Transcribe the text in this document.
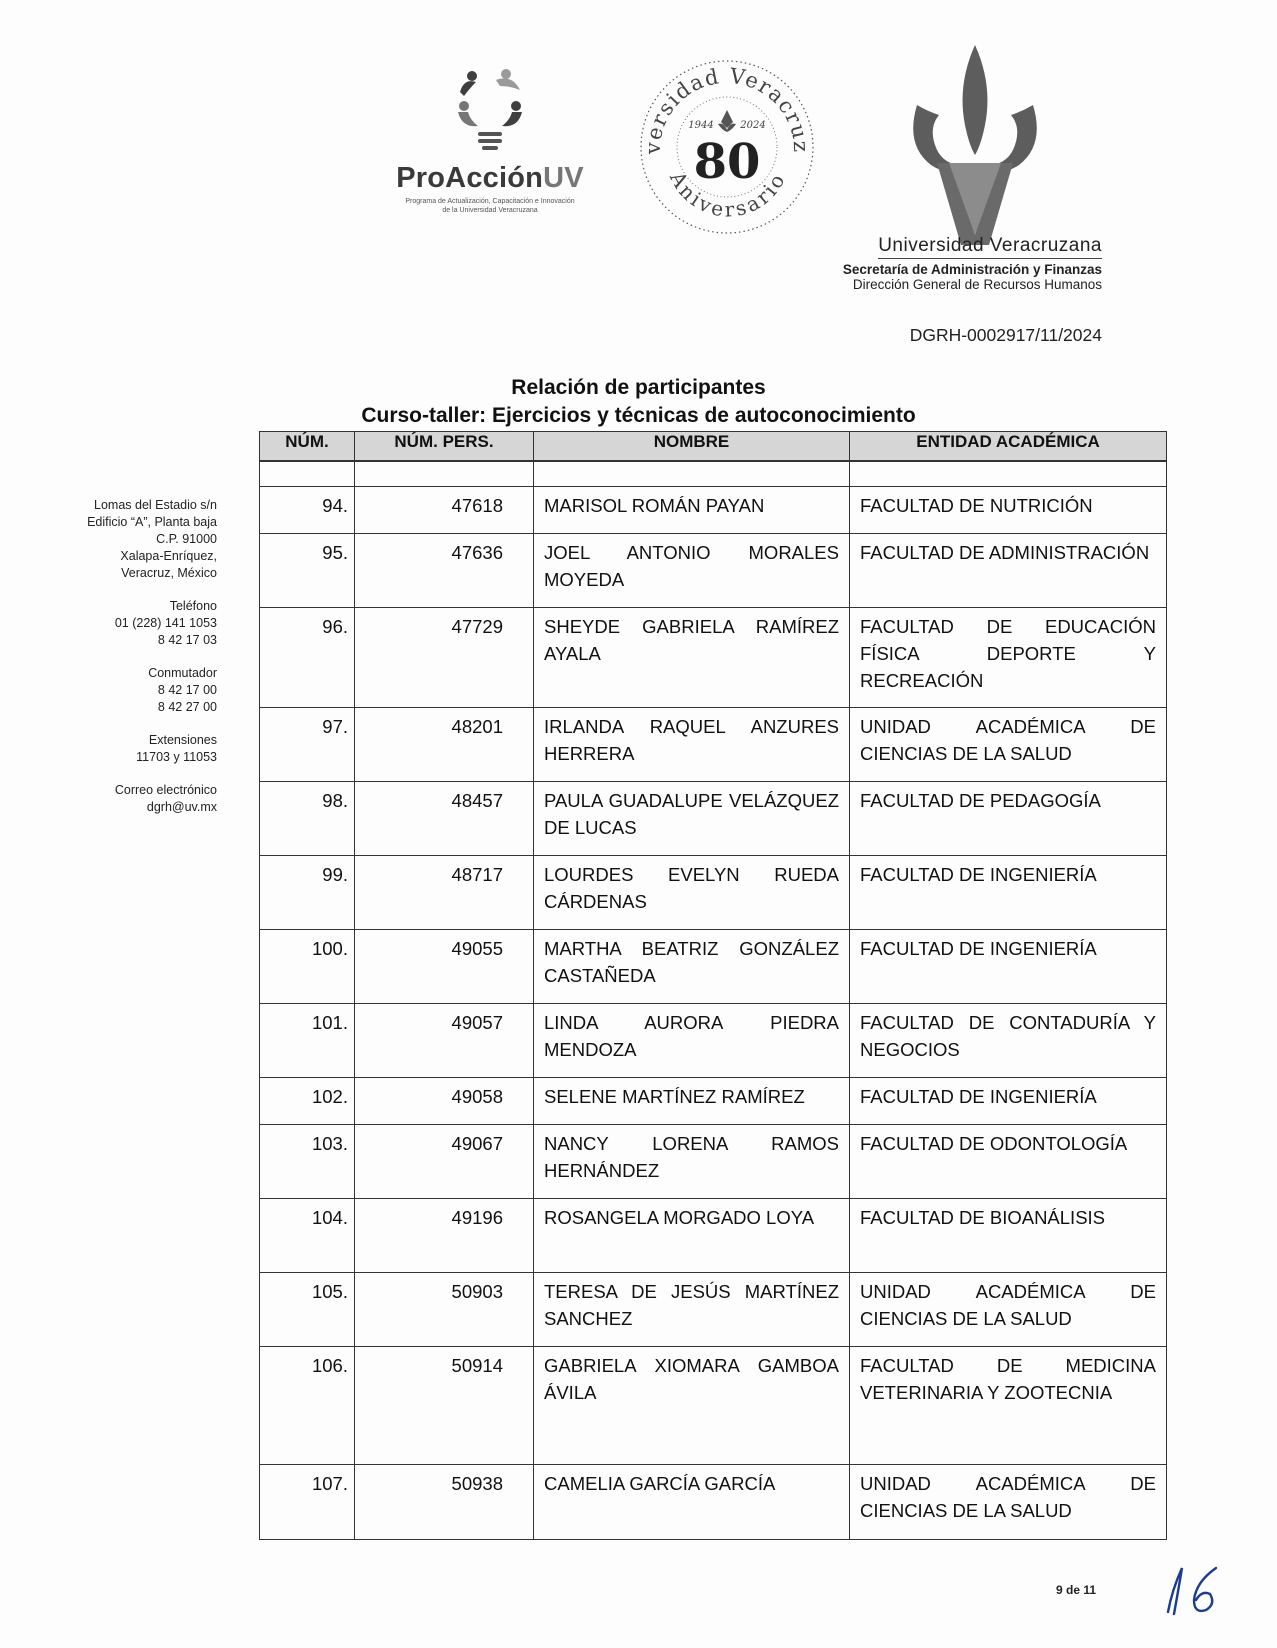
ProAcciónUV
Programa de Actualización, Capacitación e Innovación
de la Universidad Veracruzana
versidad Veracruz
Aniversario
1944	2024
80
Universidad Veracruzana
Secretaría de Administración y Finanzas
Dirección General de Recursos Humanos
DGRH-0002917/11/2024
Relación de participantes
Curso-taller: Ejercicios y técnicas de autoconocimiento
Lomas del Estadio s/n
Edificio “A”, Planta baja
C.P. 91000
Xalapa-Enríquez,
Veracruz, México
Teléfono
01 (228) 141 1053
8 42 17 03
Conmutador
8 42 17 00
8 42 27 00
Extensiones
11703 y 11053
Correo electrónico
dgrh@uv.mx
NÚM.	NÚM. PERS.	NOMBRE	ENTIDAD ACADÉMICA

94.	47618	MARISOL ROMÁN PAYAN	FACULTAD DE NUTRICIÓN
95.	47636	JOEL ANTONIO MORALES MOYEDA	FACULTAD DE ADMINISTRACIÓN
96.	47729	SHEYDE GABRIELA RAMÍREZ AYALA	FACULTAD DE EDUCACIÓN FÍSICA DEPORTE Y RECREACIÓN
97.	48201	IRLANDA RAQUEL ANZURES HERRERA	UNIDAD ACADÉMICA DE CIENCIAS DE LA SALUD
98.	48457	PAULA GUADALUPE VELÁZQUEZ DE LUCAS	FACULTAD DE PEDAGOGÍA
99.	48717	LOURDES EVELYN RUEDA CÁRDENAS	FACULTAD DE INGENIERÍA
100.	49055	MARTHA BEATRIZ GONZÁLEZ CASTAÑEDA	FACULTAD DE INGENIERÍA
101.	49057	LINDA AURORA PIEDRA MENDOZA	FACULTAD DE CONTADURÍA Y NEGOCIOS
102.	49058	SELENE MARTÍNEZ RAMÍREZ	FACULTAD DE INGENIERÍA
103.	49067	NANCY LORENA RAMOS HERNÁNDEZ	FACULTAD DE ODONTOLOGÍA
104.	49196	ROSANGELA MORGADO LOYA	FACULTAD DE BIOANÁLISIS
105.	50903	TERESA DE JESÚS MARTÍNEZ SANCHEZ	UNIDAD ACADÉMICA DE CIENCIAS DE LA SALUD
106.	50914	GABRIELA XIOMARA GAMBOA ÁVILA	FACULTAD DE MEDICINA VETERINARIA Y ZOOTECNIA
107.	50938	CAMELIA GARCÍA GARCÍA	UNIDAD ACADÉMICA DE CIENCIAS DE LA SALUD
9 de 11
16
